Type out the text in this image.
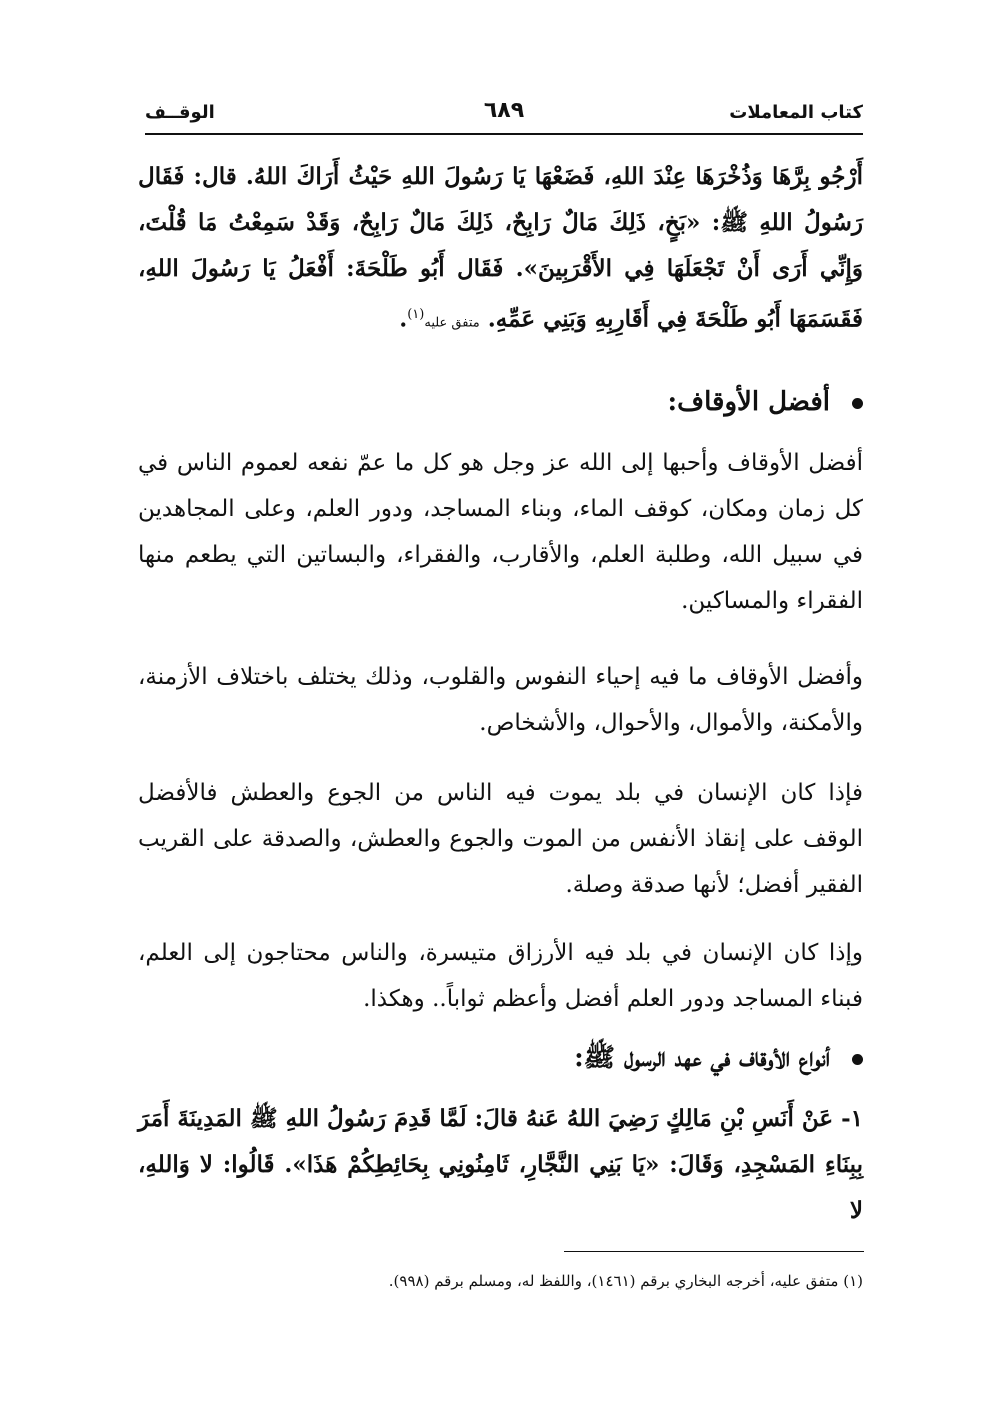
كتاب المعاملات
٦٨٩
الوقــف

أَرْجُو بِرَّهَا وَذُخْرَهَا عِنْدَ اللهِ، فَضَعْهَا يَا رَسُولَ اللهِ حَيْثُ أَرَاكَ اللهُ. قال: فَقَال رَسُولُ اللهِ ﷺ: «بَخٍ، ذَلِكَ مَالٌ رَابِحٌ، ذَلِكَ مَالٌ رَابِحٌ، وَقَدْ سَمِعْتُ مَا قُلْتَ، وَإِنِّي أَرَى أَنْ تَجْعَلَهَا فِي الأَقْرَبِينَ». فَقَال أَبُو طَلْحَةَ: أَفْعَلُ يَا رَسُولَ اللهِ، فَقَسَمَهَا أَبُو طَلْحَةَ فِي أَقَارِبِهِ وَبَنِي عَمِّهِ. متفق عليه$^{(١)}$.

أفضل الأوقاف:

أفضل الأوقاف وأحبها إلى الله عز وجل هو كل ما عمّ نفعه لعموم الناس في كل زمان ومكان، كوقف الماء، وبناء المساجد، ودور العلم، وعلى المجاهدين في سبيل الله، وطلبة العلم، والأقارب، والفقراء، والبساتين التي يطعم منها الفقراء والمساكين.

وأفضل الأوقاف ما فيه إحياء النفوس والقلوب، وذلك يختلف باختلاف الأزمنة، والأمكنة، والأموال، والأحوال، والأشخاص.

فإذا كان الإنسان في بلد يموت فيه الناس من الجوع والعطش فالأفضل الوقف على إنقاذ الأنفس من الموت والجوع والعطش، والصدقة على القريب الفقير أفضل؛ لأنها صدقة وصلة.

وإذا كان الإنسان في بلد فيه الأرزاق متيسرة، والناس محتاجون إلى العلم، فبناء المساجد ودور العلم أفضل وأعظم ثواباً.. وهكذا.

أنواع الأوقاف في عهد الرسول ﷺ:

١- عَنْ أَنَسِ بْنِ مَالِكٍ رَضِيَ اللهُ عَنهُ قالَ: لَمَّا قَدِمَ رَسُولُ اللهِ ﷺ المَدِينَةَ أَمَرَ بِبِنَاءِ المَسْجِدِ، وَقَالَ: «يَا بَنِي النَّجَّارِ، ثَامِنُونِي بِحَائِطِكُمْ هَذَا». قَالُوا: لا وَاللهِ، لا

(١) متفق عليه، أخرجه البخاري برقم (١٤٦١)، واللفظ له، ومسلم برقم (٩٩٨).
